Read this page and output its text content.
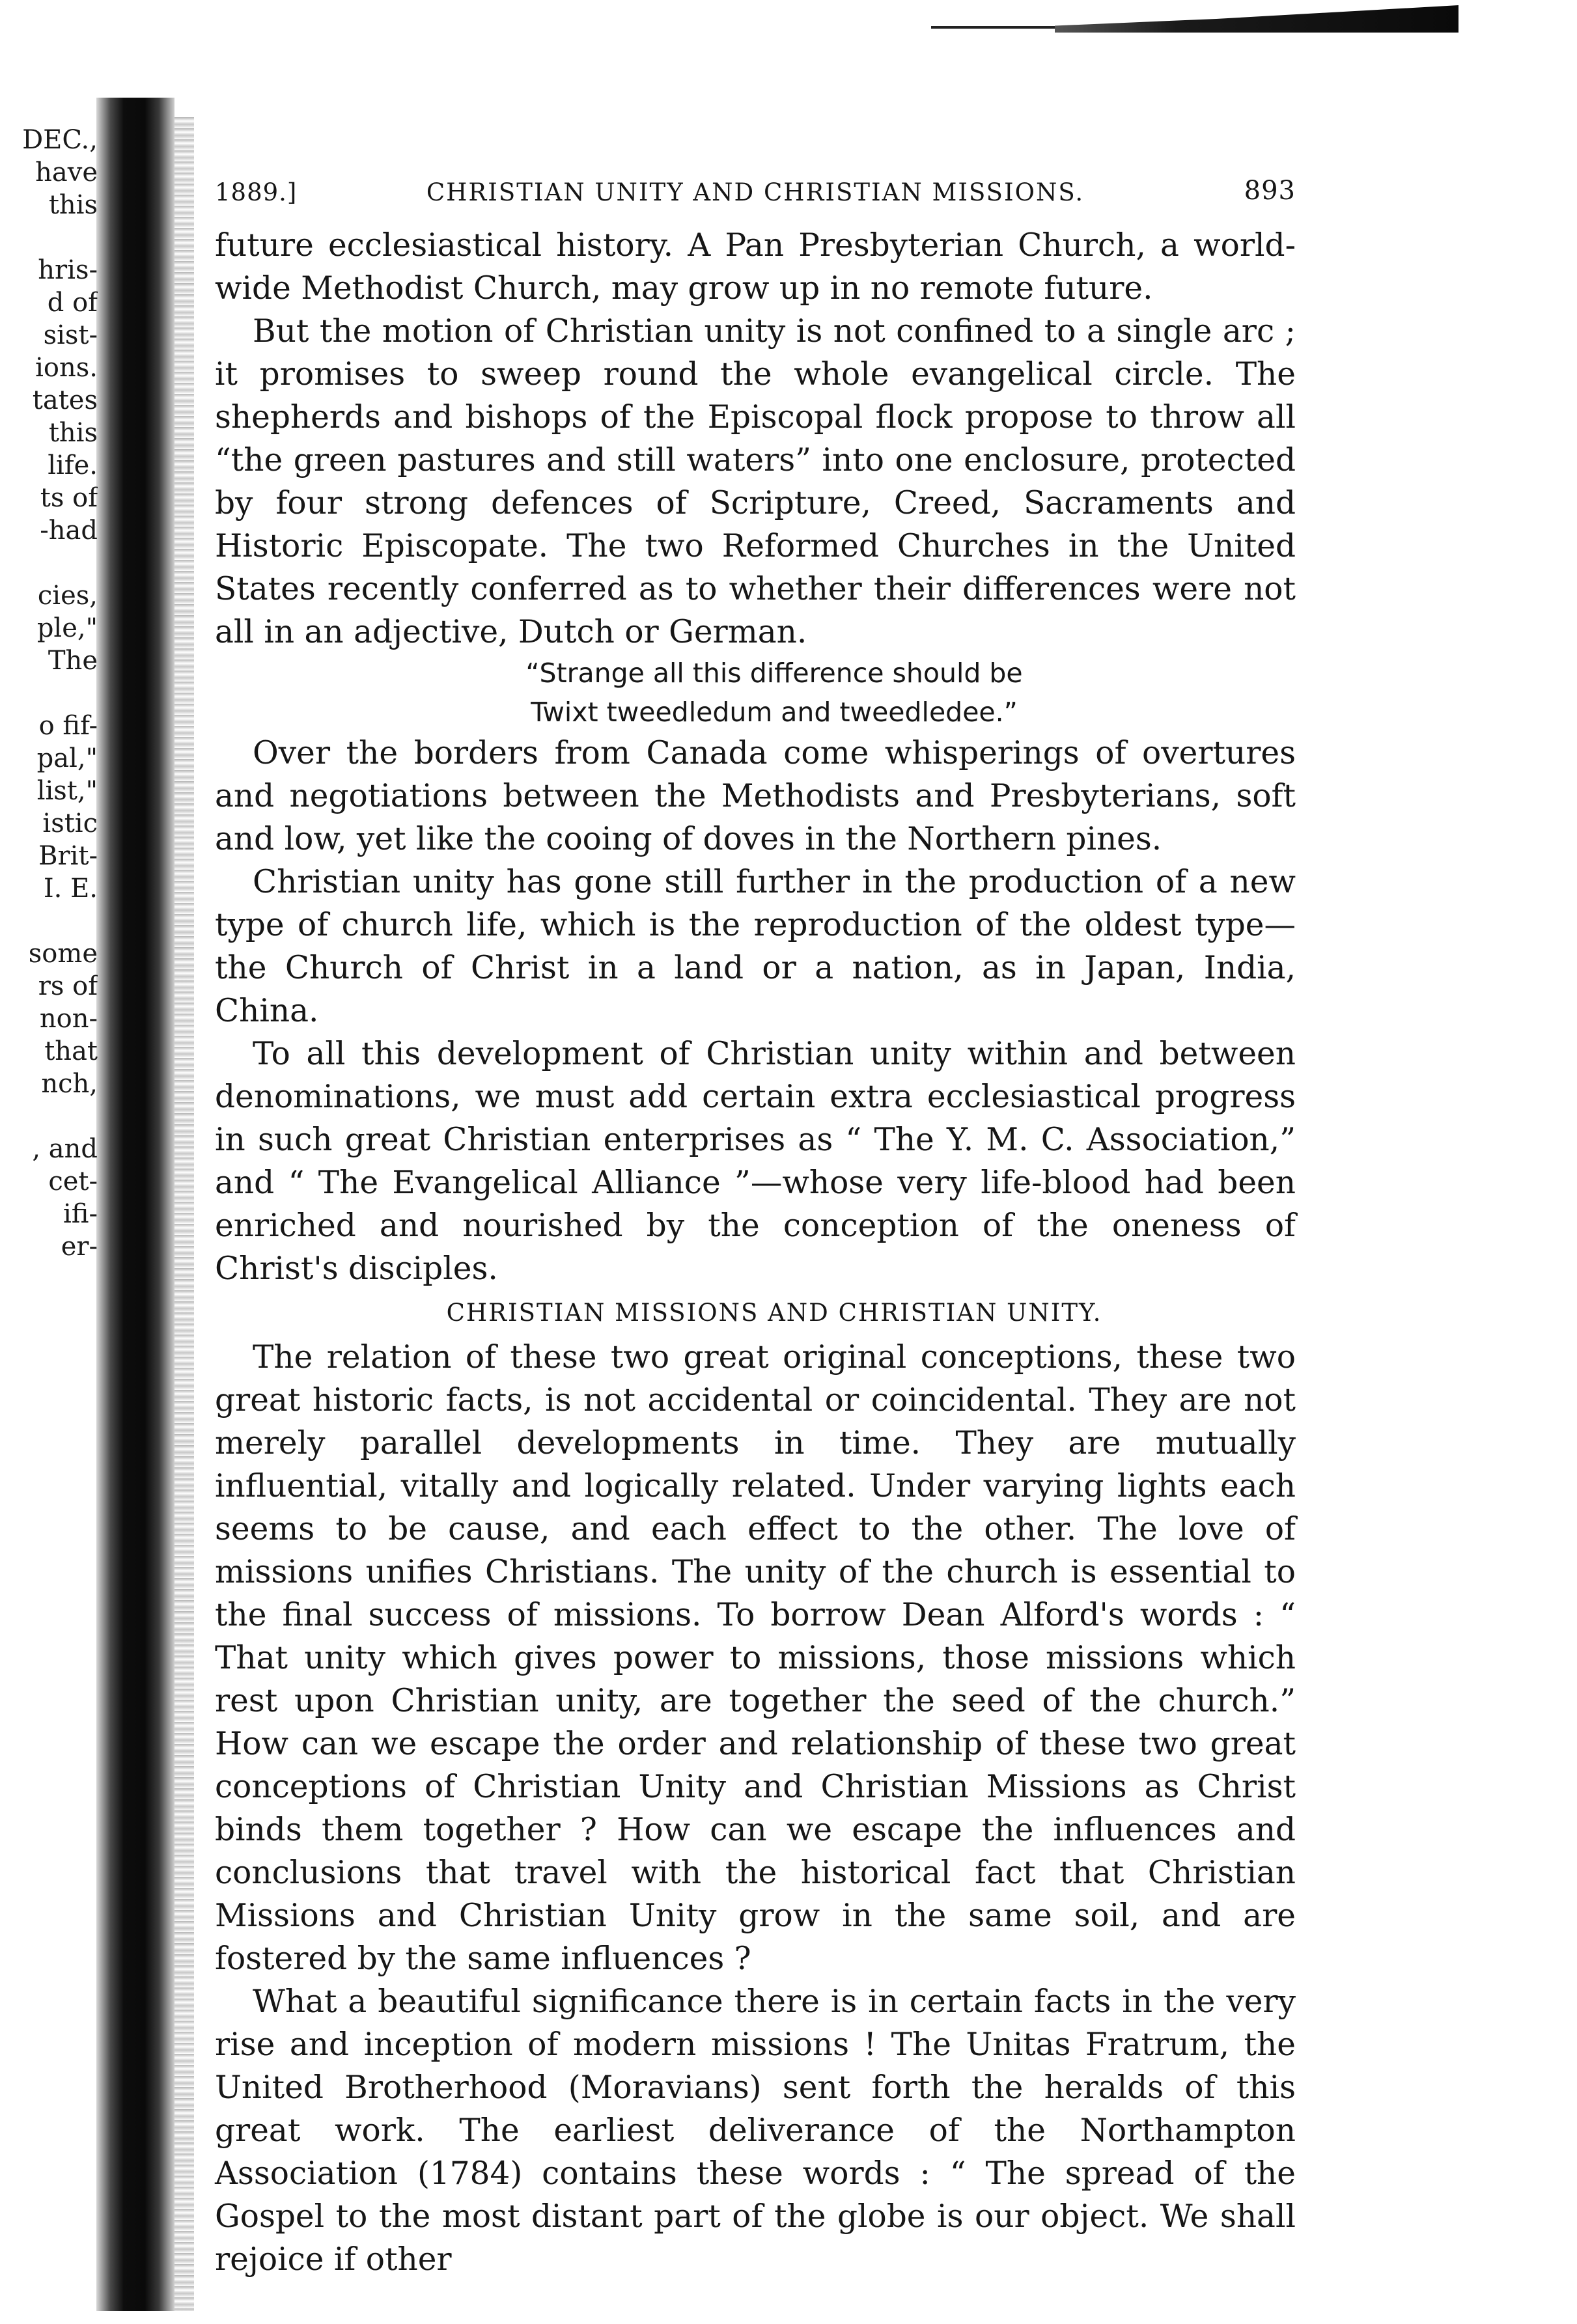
DEC.,
have
this

hris-
d of
sist-
ions.
tates
this
life.
ts of
-had

cies,
ple,"
The

o fif-
pal,"
list,"
istic
Brit-
I. E.

some
rs of
non-
that
nch,

, and
cet-
ifi-
er-
1889.]	CHRISTIAN UNITY AND CHRISTIAN MISSIONS.	893

future ecclesiastical history. A Pan Presbyterian Church, a world-wide Methodist Church, may grow up in no remote future.

But the motion of Christian unity is not confined to a single arc ; it promises to sweep round the whole evangelical circle. The shepherds and bishops of the Episcopal flock propose to throw all “the green pastures and still waters” into one enclosure, protected by four strong defences of Scripture, Creed, Sacraments and Historic Episcopate. The two Reformed Churches in the United States recently conferred as to whether their differences were not all in an adjective, Dutch or German.

“Strange all this difference should be

Twixt tweedledum and tweedledee.”

Over the borders from Canada come whisperings of overtures and negotiations between the Methodists and Presbyterians, soft and low, yet like the cooing of doves in the Northern pines.

Christian unity has gone still further in the production of a new type of church life, which is the reproduction of the oldest type—the Church of Christ in a land or a nation, as in Japan, India, China.

To all this development of Christian unity within and between denominations, we must add certain extra ecclesiastical progress in such great Christian enterprises as “ The Y. M. C. Association,” and “ The Evangelical Alliance ”—whose very life-blood had been enriched and nourished by the conception of the oneness of Christ's disciples.

CHRISTIAN MISSIONS AND CHRISTIAN UNITY.

The relation of these two great original conceptions, these two great historic facts, is not accidental or coincidental. They are not merely parallel developments in time. They are mutually influential, vitally and logically related. Under varying lights each seems to be cause, and each effect to the other. The love of missions unifies Christians. The unity of the church is essential to the final success of missions. To borrow Dean Alford's words : “ That unity which gives power to missions, those missions which rest upon Christian unity, are together the seed of the church.” How can we escape the order and relationship of these two great conceptions of Christian Unity and Christian Missions as Christ binds them together ? How can we escape the influences and conclusions that travel with the historical fact that Christian Missions and Christian Unity grow in the same soil, and are fostered by the same influences ?

What a beautiful significance there is in certain facts in the very rise and inception of modern missions ! The Unitas Fratrum, the United Brotherhood (Moravians) sent forth the heralds of this great work. The earliest deliverance of the Northampton Association (1784) contains these words : “ The spread of the Gospel to the most distant part of the globe is our object. We shall rejoice if other
